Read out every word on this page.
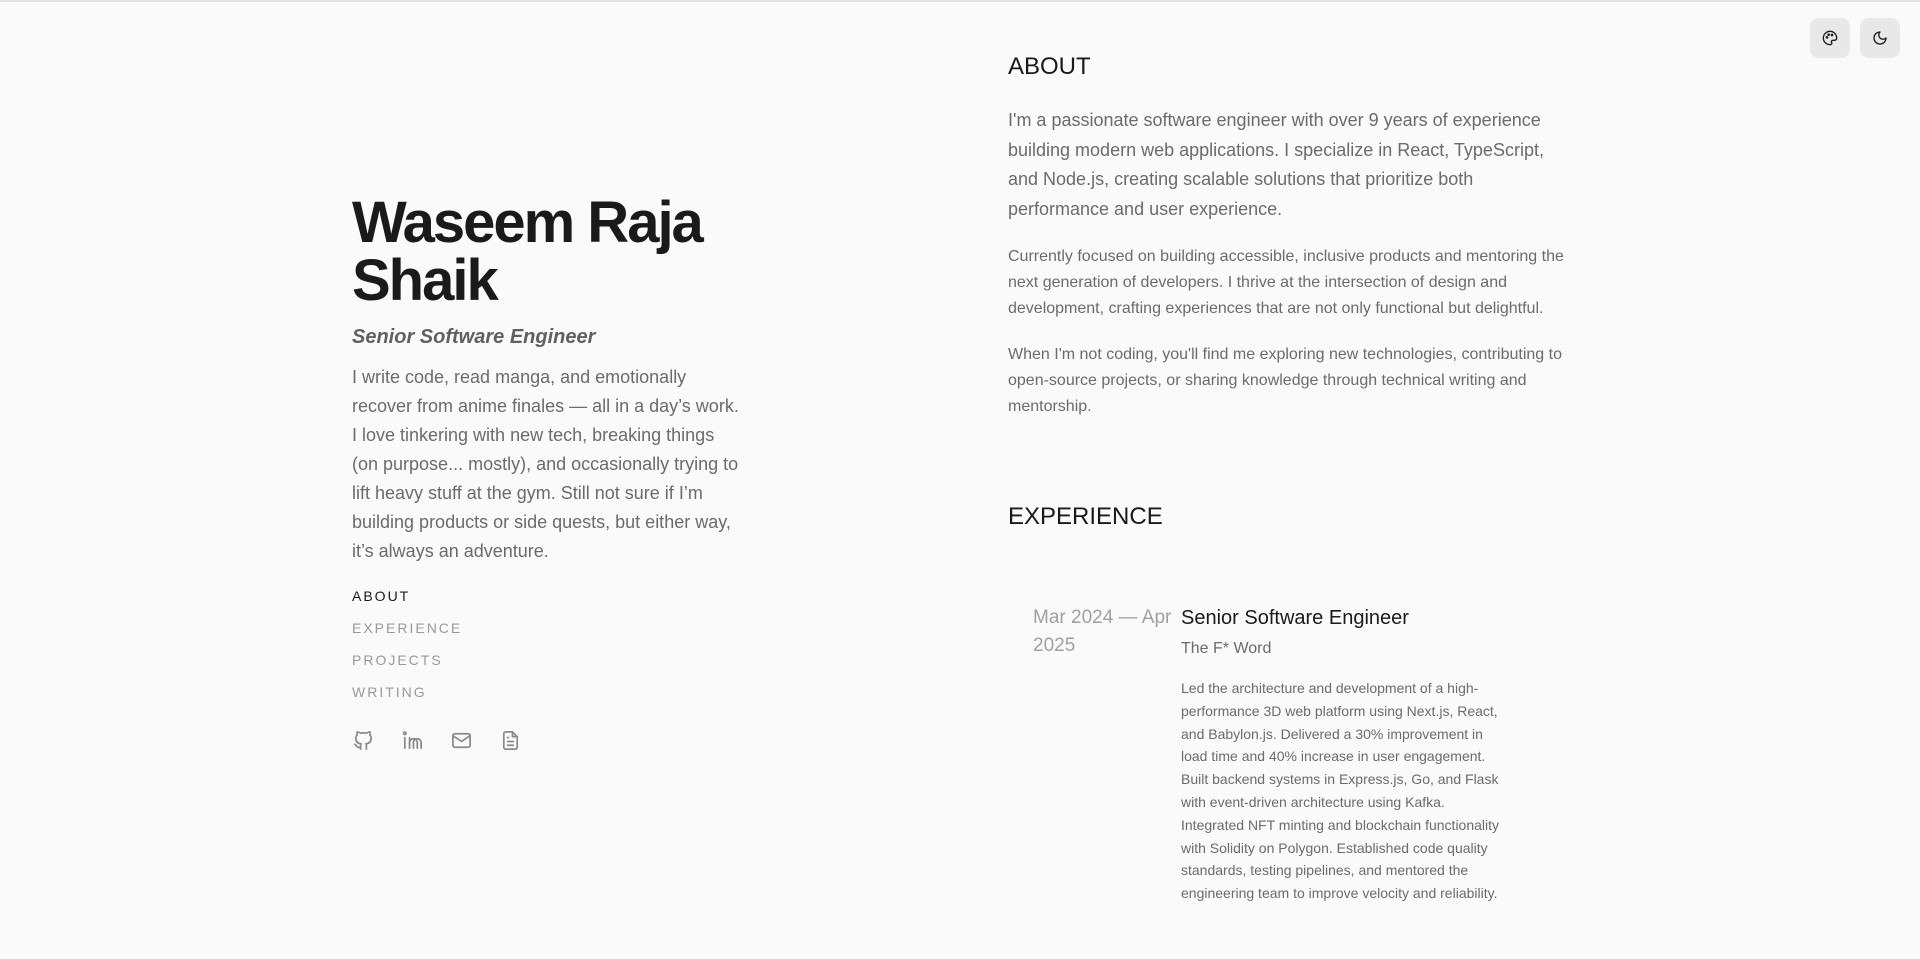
Waseem Raja Shaik
Senior Software Engineer

I write code, read manga, and emotionally recover from anime finales — all in a day’s work. I love tinkering with new tech, breaking things (on purpose... mostly), and occasionally trying to lift heavy stuff at the gym. Still not sure if I’m building products or side quests, but either way, it’s always an adventure.

ABOUT
EXPERIENCE
PROJECTS
WRITING
ABOUT

I'm a passionate software engineer with over 9 years of experience building modern web applications. I specialize in React, TypeScript, and Node.js, creating scalable solutions that prioritize both performance and user experience.

Currently focused on building accessible, inclusive products and mentoring the next generation of developers. I thrive at the intersection of design and development, crafting experiences that are not only functional but delightful.

When I'm not coding, you'll find me exploring new technologies, contributing to open-source projects, or sharing knowledge through technical writing and mentorship.

EXPERIENCE
Mar 2024 — Apr 2025
Senior Software Engineer
The F* Word

Led the architecture and development of a high-performance 3D web platform using Next.js, React, and Babylon.js. Delivered a 30% improvement in load time and 40% increase in user engagement. Built backend systems in Express.js, Go, and Flask with event-driven architecture using Kafka. Integrated NFT minting and blockchain functionality with Solidity on Polygon. Established code quality standards, testing pipelines, and mentored the engineering team to improve velocity and reliability.
